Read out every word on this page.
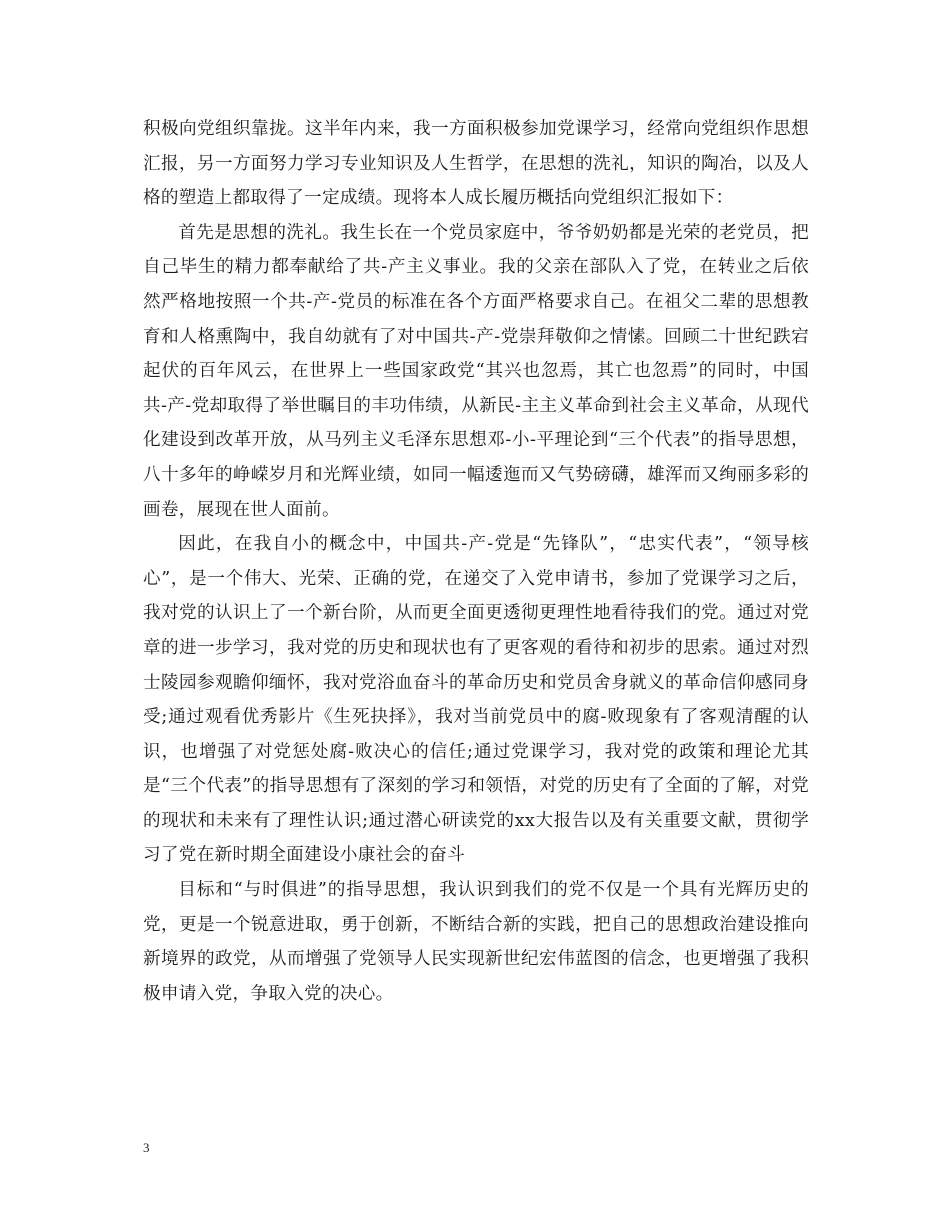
积极向党组织靠拢。这半年内来，我一方面积极参加党课学习，经常向党组织作思想汇报，另一方面努力学习专业知识及人生哲学，在思想的洗礼，知识的陶冶，以及人格的塑造上都取得了一定成绩。现将本人成长履历概括向党组织汇报如下：

首先是思想的洗礼。我生长在一个党员家庭中，爷爷奶奶都是光荣的老党员，把自己毕生的精力都奉献给了共-产主义事业。我的父亲在部队入了党，在转业之后依然严格地按照一个共-产-党员的标准在各个方面严格要求自己。在祖父二辈的思想教育和人格熏陶中，我自幼就有了对中国共-产-党崇拜敬仰之情愫。回顾二十世纪跌宕起伏的百年风云，在世界上一些国家政党“其兴也忽焉，其亡也忽焉”的同时，中国共-产-党却取得了举世瞩目的丰功伟绩，从新民-主主义革命到社会主义革命，从现代化建设到改革开放，从马列主义毛泽东思想邓-小-平理论到“三个代表”的指导思想，八十多年的峥嵘岁月和光辉业绩，如同一幅逶迤而又气势磅礴，雄浑而又绚丽多彩的画卷，展现在世人面前。

因此，在我自小的概念中，中国共-产-党是“先锋队”，“忠实代表”，“领导核心”，是一个伟大、光荣、正确的党，在递交了入党申请书，参加了党课学习之后，我对党的认识上了一个新台阶，从而更全面更透彻更理性地看待我们的党。通过对党章的进一步学习，我对党的历史和现状也有了更客观的看待和初步的思索。通过对烈士陵园参观瞻仰缅怀，我对党浴血奋斗的革命历史和党员舍身就义的革命信仰感同身受;通过观看优秀影片《生死抉择》，我对当前党员中的腐-败现象有了客观清醒的认识，也增强了对党惩处腐-败决心的信任;通过党课学习，我对党的政策和理论尤其是“三个代表”的指导思想有了深刻的学习和领悟，对党的历史有了全面的了解，对党的现状和未来有了理性认识;通过潜心研读党的xx大报告以及有关重要文献，贯彻学习了党在新时期全面建设小康社会的奋斗

目标和“与时俱进”的指导思想，我认识到我们的党不仅是一个具有光辉历史的党，更是一个锐意进取，勇于创新，不断结合新的实践，把自己的思想政治建设推向新境界的政党，从而增强了党领导人民实现新世纪宏伟蓝图的信念，也更增强了我积极申请入党，争取入党的决心。

3
